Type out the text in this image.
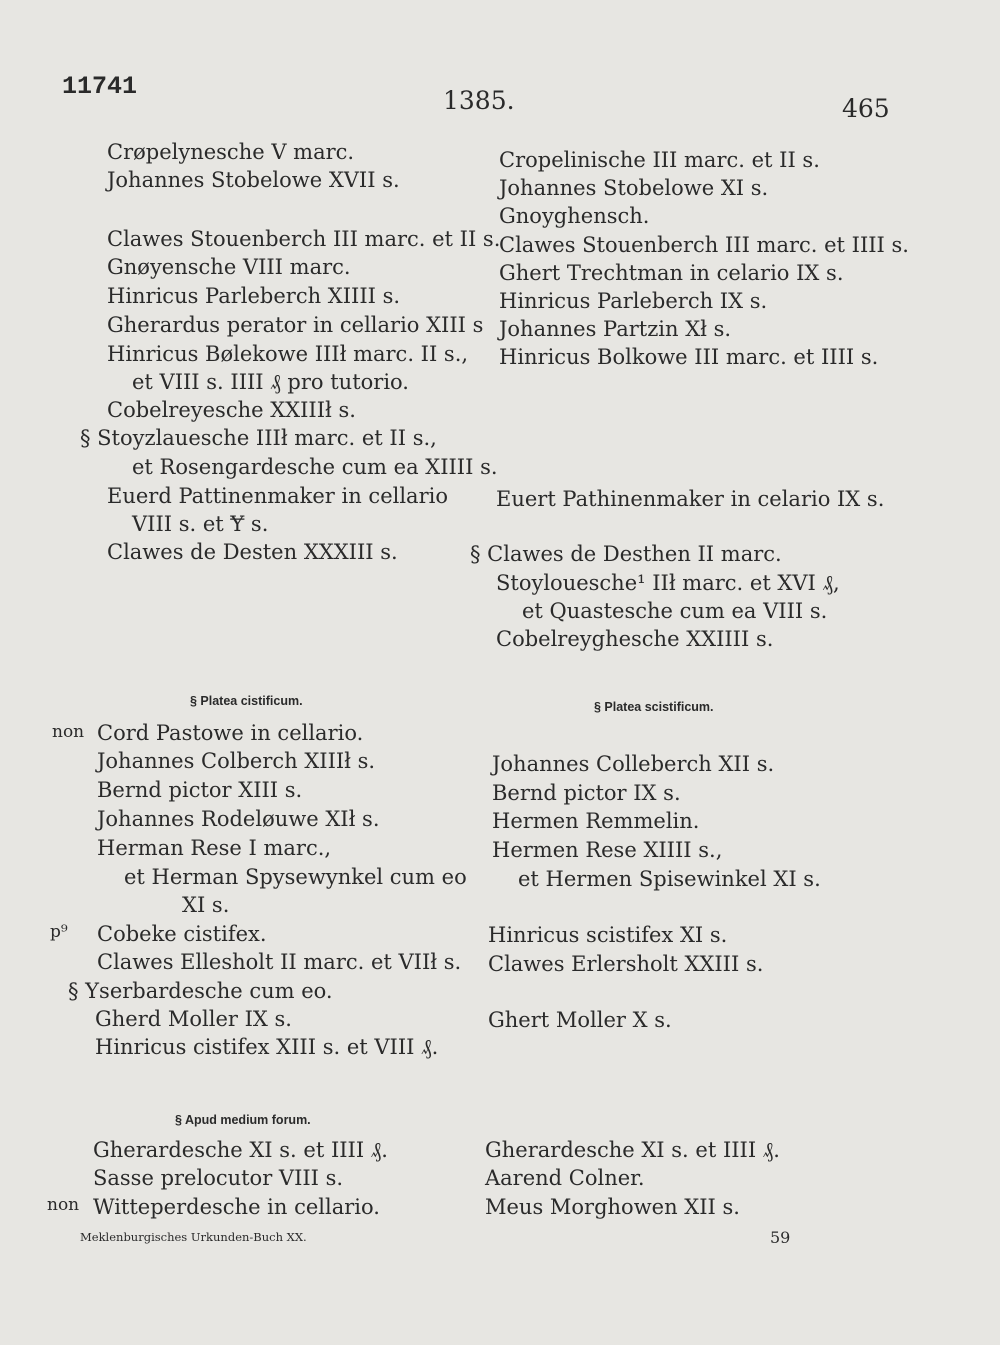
11741	1385.	465
Crøpelynesche V marc.
Johannes Stobelowe XVII s.
Clawes Stouenberch III marc. et II s.
Gnøyensche VIII marc.
Hinricus Parleberch XIIII s.
Gherardus perator in cellario XIII s
Hinricus Bølekowe IIIł marc. II s.,
et VIII s. IIII ₰ pro tutorio.
Cobelreyesche XXIIIł s.
§ Stoyzlauesche IIIł marc. et II s.,
et Rosengardesche cum ea XIIII s.
Euerd Pattinenmaker in cellario
VIII s. et Ɏ s.
Clawes de Desten XXXIII s.
§ Platea cistificum.
non Cord Pastowe in cellario.
Johannes Colberch XIIIł s.
Bernd pictor XIII s.
Johannes Rodeløuwe XIł s.
Herman Rese I marc.,
et Herman Spysewynkel cum eo
XI s.
p⁹ Cobeke cistifex.
Clawes Ellesholt II marc. et VIIł s.
§ Yserbardesche cum eo.
Gherd Moller IX s.
Hinricus cistifex XIII s. et VIII ₰.
§ Apud medium forum.
Gherardesche XI s. et IIII ₰.
Sasse prelocutor VIII s.
non Witteperdesche in cellario.
Cropelinische III marc. et II s.
Johannes Stobelowe XI s.
Gnoyghensch.
Clawes Stouenberch III marc. et IIII s.
Ghert Trechtman in celario IX s.
Hinricus Parleberch IX s.
Johannes Partzin Xł s.
Hinricus Bolkowe III marc. et IIII s.
Euert Pathinenmaker in celario IX s.
§ Clawes de Desthen II marc.
Stoylouesche¹ IIł marc. et XVI ₰,
et Quastesche cum ea VIII s.
Cobelreyghesche XXIIII s.
§ Platea scistificum.
Johannes Colleberch XII s.
Bernd pictor IX s.
Hermen Remmelin.
Hermen Rese XIIII s.,
et Hermen Spisewinkel XI s.
Hinricus scistifex XI s.
Clawes Erlersholt XXIII s.
Ghert Moller X s.
Gherardesche XI s. et IIII ₰.
Aarend Colner.
Meus Morghowen XII s.
Meklenburgisches Urkunden-Buch XX.	59
